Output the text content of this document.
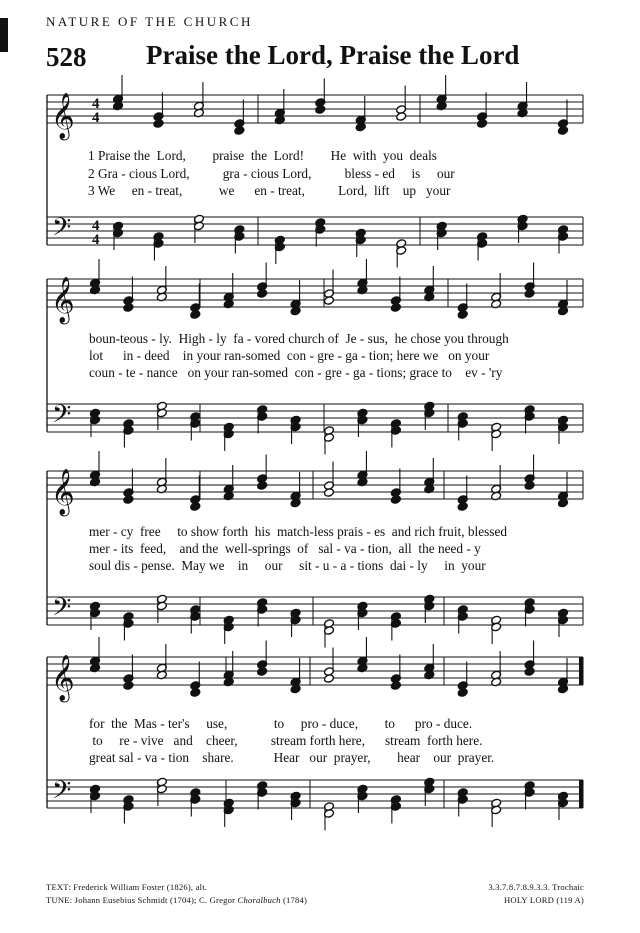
NATURE OF THE CHURCH
528 Praise the Lord, Praise the Lord
𝄞
𝄢
4
4
4
4
𝄞
𝄢
𝄞
𝄢
𝄞
𝄢
1 Praise the  Lord,        praise  the  Lord!        He  with  you  deals
2 Gra - cious Lord,          gra - cious Lord,          bless - ed     is     our
3 We     en - treat,           we      en - treat,          Lord,  lift    up   your
boun-teous - ly.  High - ly  fa - vored church of  Je - sus,  he chose you through
lot      in - deed    in your ran-somed  con - gre - ga - tion; here we   on your
coun - te - nance   on your ran-somed  con - gre - ga - tions; grace to    ev - 'ry
mer - cy  free     to show forth  his  match-less prais - es  and rich fruit, blessed
mer - its  feed,    and the  well-springs  of   sal - va - tion,  all  the need - y
soul dis - pense.  May we    in     our     sit - u - a - tions  dai - ly     in  your
for  the  Mas - ter's     use,              to     pro - duce,        to      pro - duce.
to     re - vive   and    cheer,          stream forth here,      stream  forth here.
great sal - va - tion    share.            Hear   our  prayer,        hear    our  prayer.
TEXT: Frederick William Foster (1826), alt.
TUNE: Johann Eusebius Schmidt (1704); C. Gregor Choralbuch (1784)
3.3.7.8.7.8.9.3.3. Trochaic
HOLY LORD (119 A)
